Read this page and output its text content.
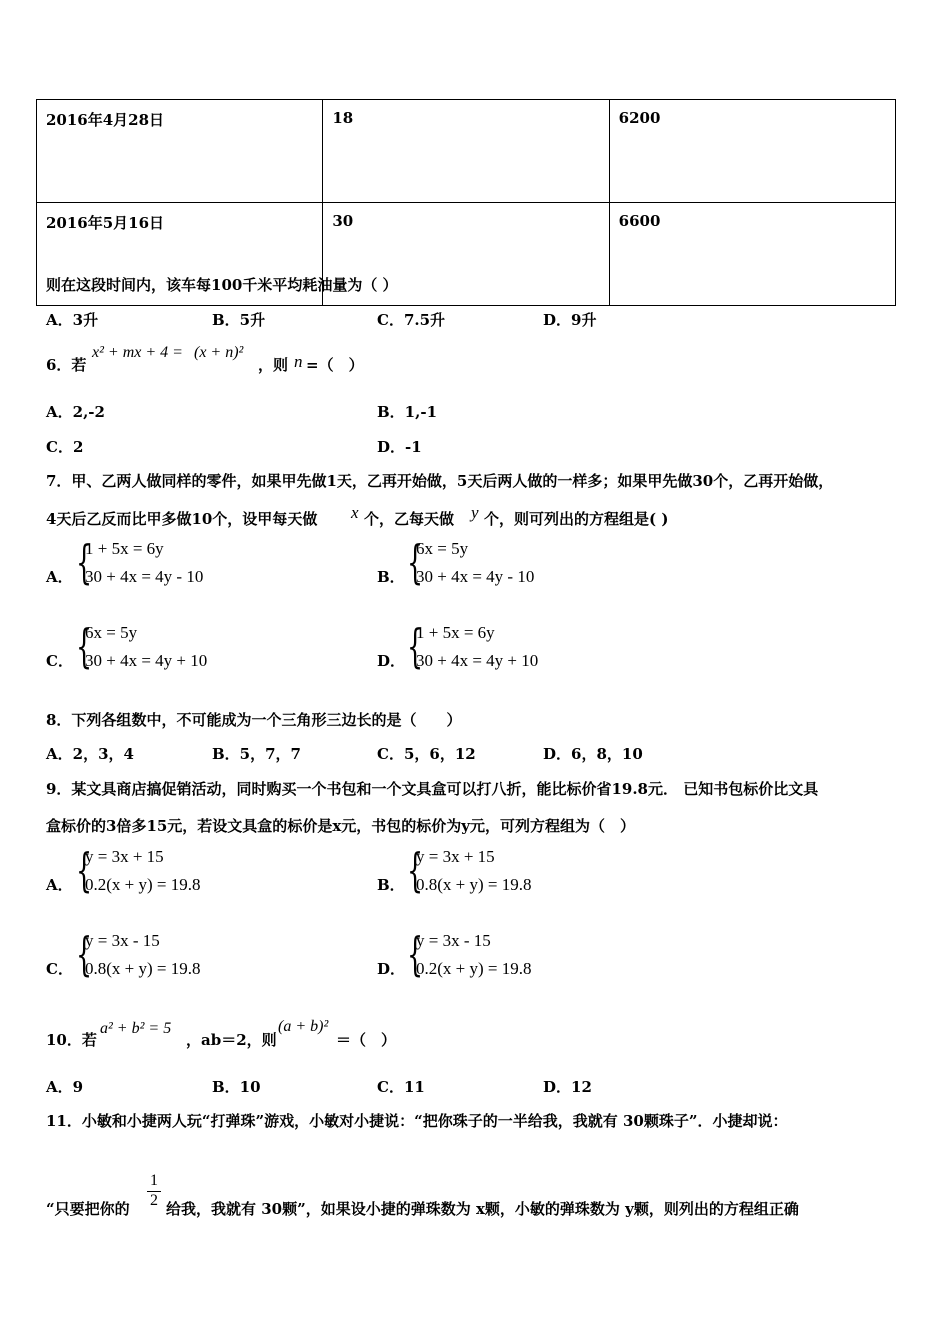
2016年4月28日	18	6200
2016年5月16日	30	6600
则在这段时间内，该车每100千米平均耗油量为（ ）
A．3升	B．5升	C．7.5升	D．9升
6．若
x² + mx + 4 = (x + n)²
，则 n =（　）
A．2,-2	B．1,-1
C．2	D．-1
7．甲、乙两人做同样的零件，如果甲先做1天，乙再开始做，5天后两人做的一样多；如果甲先做30个，乙再开始做，
4天后乙反而比甲多做10个，设甲每天做 x 个，乙每天做 y 个，则可列出的方程组是( )
A． {
1 + 5x = 6y
30 + 4x = 4y - 10	B． {
6x = 5y
30 + 4x = 4y - 10
C． {
6x = 5y
30 + 4x = 4y + 10	D． {
1 + 5x = 6y
30 + 4x = 4y + 10
8．下列各组数中，不可能成为一个三角形三边长的是（　　）
A．2，3，4	B．5，7，7	C．5，6，12	D．6，8，10
9．某文具商店搞促销活动，同时购买一个书包和一个文具盒可以打八折，能比标价省19.8元． 已知书包标价比文具
盒标价的3倍多15元，若设文具盒的标价是x元，书包的标价为y元，可列方程组为（　）
A． {
y = 3x + 15
0.2(x + y) = 19.8	B． {
y = 3x + 15
0.8(x + y) = 19.8
C． {
y = 3x - 15
0.8(x + y) = 19.8	D． {
y = 3x - 15
0.2(x + y) = 19.8
10．若
a² + b² = 5
，ab＝2，则
(a + b)²
＝（　）
A．9	B．10	C．11	D．12
11．小敏和小捷两人玩“打弹珠”游戏，小敏对小捷说：“把你珠子的一半给我，我就有 30颗珠子”．小捷却说：
“只要把你的 $\frac{1}{2}$ 给我，我就有 30颗”，如果设小捷的弹珠数为 x颗，小敏的弹珠数为 y颗，则列出的方程组正确
